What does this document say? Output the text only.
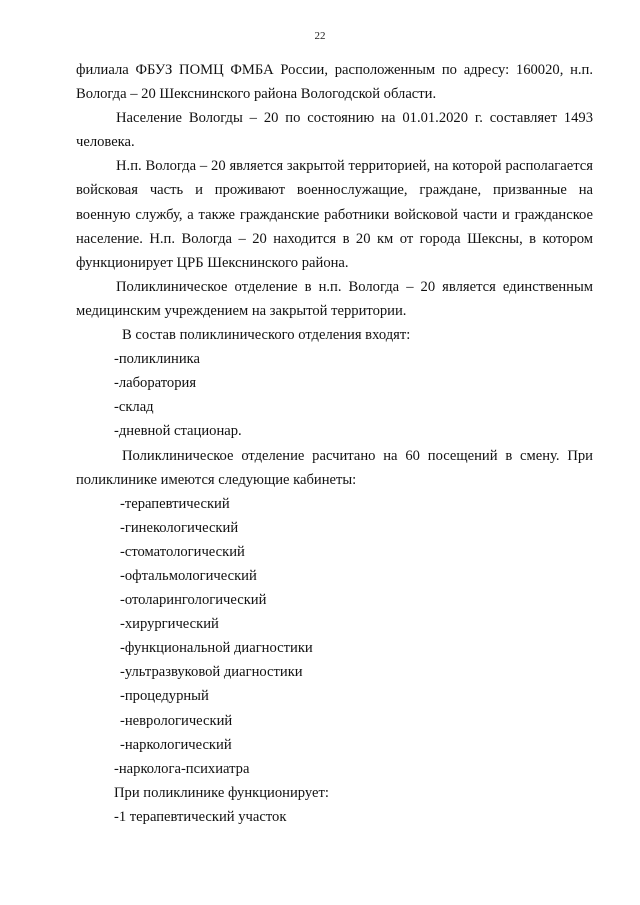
22

филиала ФБУЗ ПОМЦ ФМБА России, расположенным по адресу: 160020, н.п. Вологда – 20 Шекснинского района Вологодской области.

Население Вологды – 20 по состоянию на 01.01.2020 г. составляет 1493 человека.

Н.п. Вологда – 20 является закрытой территорией, на которой располагается войсковая часть и проживают военнослужащие, граждане, призванные на военную службу, а также гражданские работники войсковой части и гражданское население. Н.п. Вологда – 20 находится в 20 км от города Шексны, в котором функционирует ЦРБ Шекснинского района.

Поликлиническое отделение в н.п. Вологда – 20 является единственным медицинским учреждением на закрытой территории.

В состав поликлинического отделения входят:

-поликлиника

-лаборатория

-склад

-дневной стационар.

Поликлиническое отделение расчитано на 60 посещений в смену. При поликлинике имеются следующие кабинеты:

-терапевтический

-гинекологический

-стоматологический

-офтальмологический

-отоларингологический

-хирургический

-функциональной диагностики

-ультразвуковой диагностики

-процедурный

-неврологический

-наркологический

-нарколога-психиатра

При поликлинике функционирует:

-1 терапевтический участок
